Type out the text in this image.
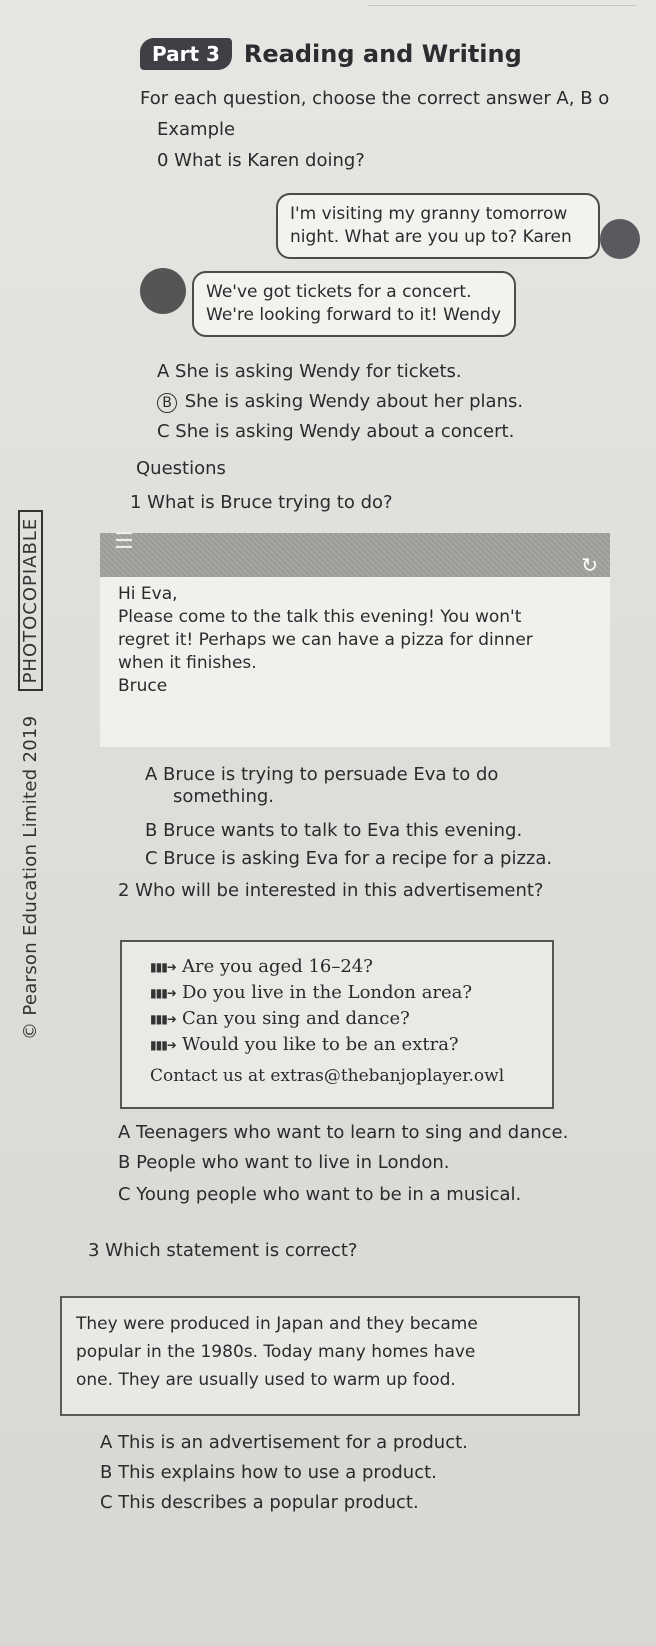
© Pearson Education Limited 2019 PHOTOCOPIABLE
Part 3	Reading and Writing
For each question, choose the correct answer A, B o
Example
0 What is Karen doing?
I'm visiting my granny tomorrow
night. What are you up to? Karen
We've got tickets for a concert.
We're looking forward to it! Wendy
A She is asking Wendy for tickets.
B She is asking Wendy about her plans.
C She is asking Wendy about a concert.
Questions
1 What is Bruce trying to do?
☰
↻
Hi Eva,
Please come to the talk this evening! You won't
regret it! Perhaps we can have a pizza for dinner
when it finishes.
Bruce
A Bruce is trying to persuade Eva to do
something.
B Bruce wants to talk to Eva this evening.
C Bruce is asking Eva for a recipe for a pizza.
2 Who will be interested in this advertisement?
▮▮▮➜ Are you aged 16–24?
▮▮▮➜ Do you live in the London area?
▮▮▮➜ Can you sing and dance?
▮▮▮➜ Would you like to be an extra?
Contact us at extras@thebanjoplayer.owl
A Teenagers who want to learn to sing and dance.
B People who want to live in London.
C Young people who want to be in a musical.
3 Which statement is correct?
They were produced in Japan and they became
popular in the 1980s. Today many homes have
one. They are usually used to warm up food.
A This is an advertisement for a product.
B This explains how to use a product.
C This describes a popular product.
